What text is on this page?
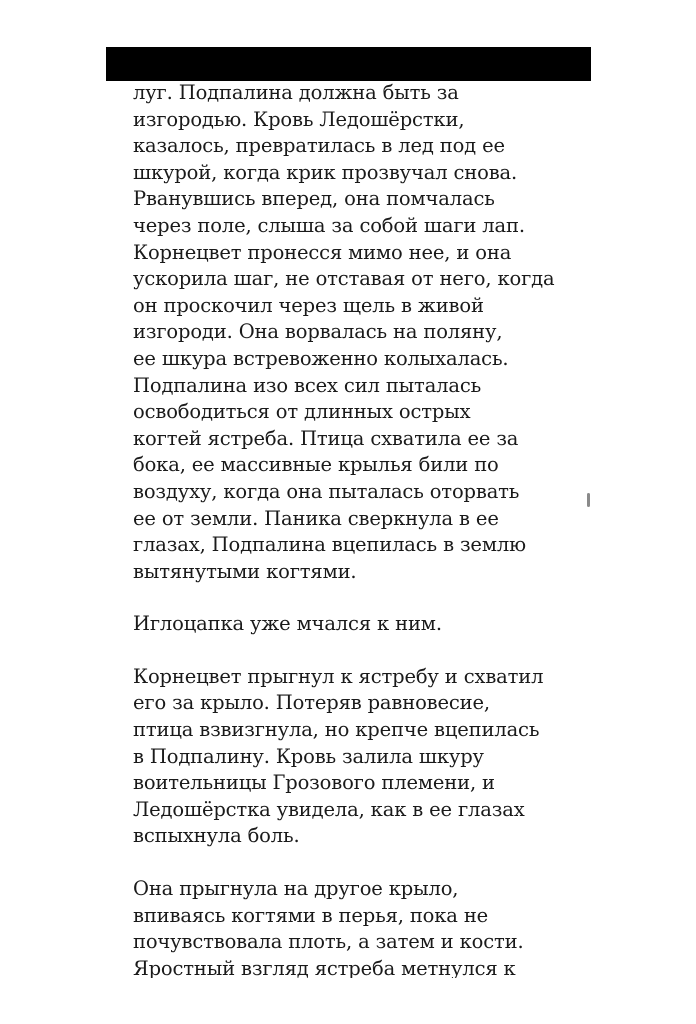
луг. Подпалина должна быть за
изгородью. Кровь Ледошёрстки,
казалось, превратилась в лед под ее
шкурой, когда крик прозвучал снова.
Рванувшись вперед, она помчалась
через поле, слыша за собой шаги лап.
Корнецвет пронесся мимо нее, и она
ускорила шаг, не отставая от него, когда
он проскочил через щель в живой
изгороди. Она ворвалась на поляну,
ее шкура встревоженно колыхалась.
Подпалина изо всех сил пыталась
освободиться от длинных острых
когтей ястреба. Птица схватила ее за
бока, ее массивные крылья били по
воздуху, когда она пыталась оторвать
ее от земли. Паника сверкнула в ее
глазах, Подпалина вцепилась в землю
вытянутыми когтями.

Иглоцапка уже мчался к ним.

Корнецвет прыгнул к ястребу и схватил
его за крыло. Потеряв равновесие,
птица взвизгнула, но крепче вцепилась
в Подпалину. Кровь залила шкуру
воительницы Грозового племени, и
Ледошёрстка увидела, как в ее глазах
вспыхнула боль.

Она прыгнула на другое крыло,
впиваясь когтями в перья, пока не
почувствовала плоть, а затем и кости.
Яростный взгляд ястреба метнулся к
